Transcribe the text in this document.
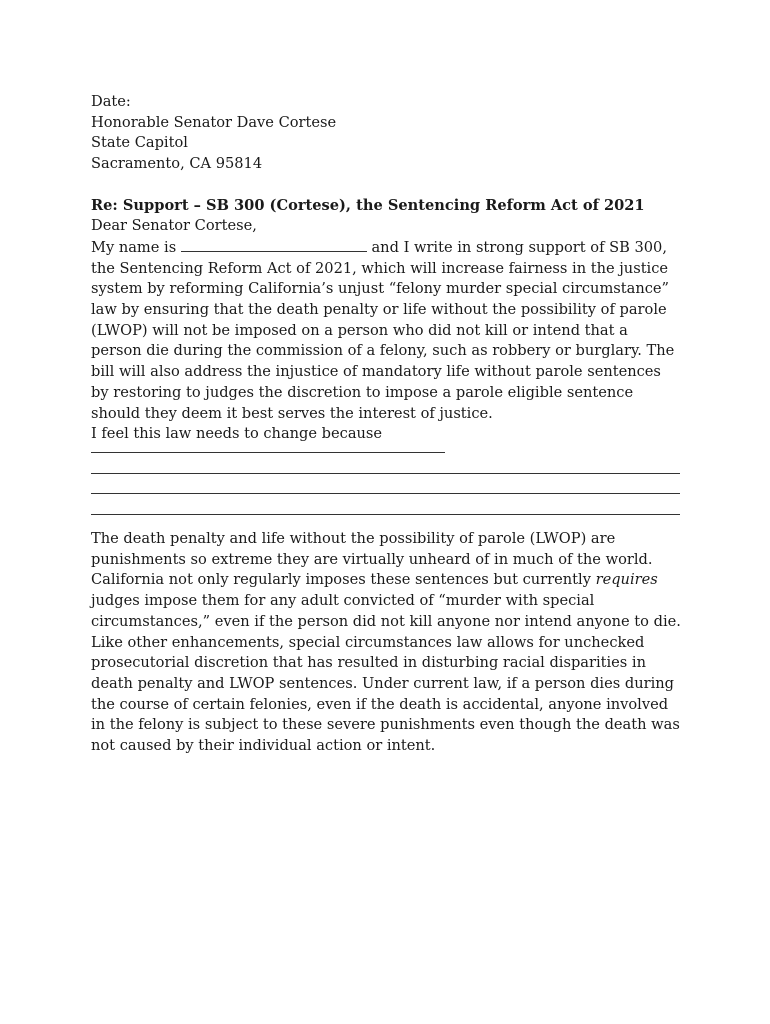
Date:

Honorable Senator Dave Cortese

State Capitol

Sacramento, CA 95814

Re: Support – SB 300 (Cortese), the Sentencing Reform Act of 2021

Dear Senator Cortese,

My name is	and I write in strong support of SB 300, the Sentencing Reform Act of 2021, which will increase fairness in the justice system by reforming California’s unjust “felony murder special circumstance” law by ensuring that the death penalty or life without the possibility of parole (LWOP) will not be imposed on a person who did not kill or intend that a person die during the commission of a felony, such as robbery or burglary. The bill will also address the injustice of mandatory life without parole sentences by restoring to judges the discretion to impose a parole eligible sentence should they deem it best serves the interest of justice.

I feel this law needs to change because

The death penalty and life without the possibility of parole (LWOP) are punishments so extreme they are virtually unheard of in much of the world. California not only regularly imposes these sentences but currently requires judges impose them for any adult convicted of “murder with special circumstances,” even if the person did not kill anyone nor intend anyone to die. Like other enhancements, special circumstances law allows for unchecked prosecutorial discretion that has resulted in disturbing racial disparities in death penalty and LWOP sentences. Under current law, if a person dies during the course of certain felonies, even if the death is accidental, anyone involved in the felony is subject to these severe punishments even though the death was not caused by their individual action or intent.
